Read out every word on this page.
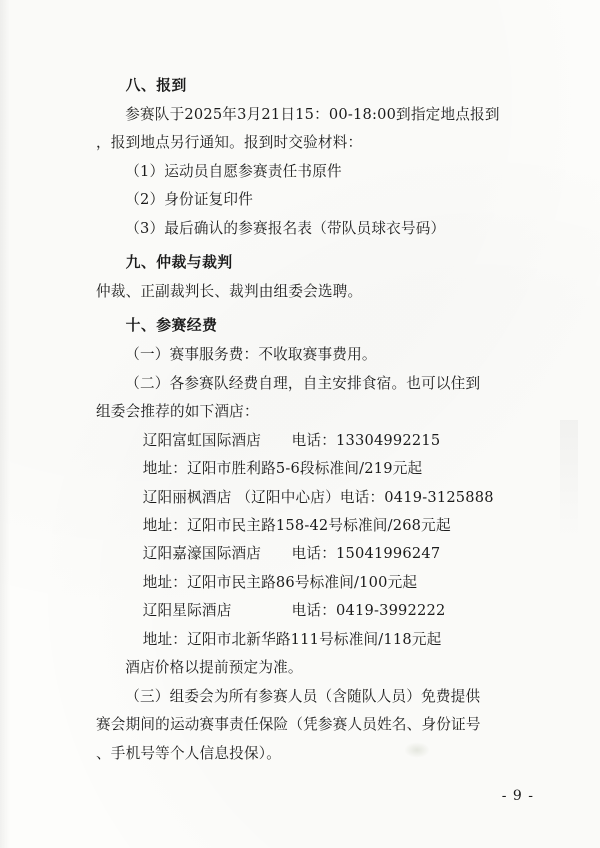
八、报到
参赛队于2025年3月21日15：00-18:00到指定地点报到
，报到地点另行通知。报到时交验材料：
（1）运动员自愿参赛责任书原件
（2）身份证复印件
（3）最后确认的参赛报名表（带队员球衣号码）
九、仲裁与裁判
仲裁、正副裁判长、裁判由组委会选聘。
十、参赛经费
（一）赛事服务费：不收取赛事费用。
（二）各参赛队经费自理，自主安排食宿。也可以住到
组委会推荐的如下酒店：
辽阳富虹国际酒店 电话：13304992215
地址：辽阳市胜利路5-6段标准间/219元起
辽阳丽枫酒店 （辽阳中心店）电话：0419-3125888
地址：辽阳市民主路158-42号标准间/268元起
辽阳嘉濠国际酒店 电话：15041996247
地址：辽阳市民主路86号标准间/100元起
辽阳星际酒店	电话：0419-3992222
地址：辽阳市北新华路111号标准间/118元起
酒店价格以提前预定为准。
（三）组委会为所有参赛人员（含随队人员）免费提供
赛会期间的运动赛事责任保险（凭参赛人员姓名、身份证号
、手机号等个人信息投保）。
- 9 -
